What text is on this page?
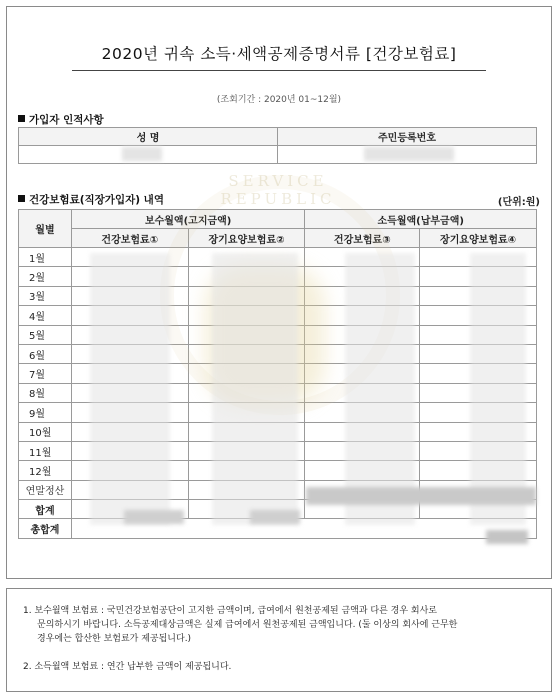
2020년 귀속 소득·세액공제증명서류 [건강보험료]
(조회기간 : 2020년 01~12월)
가입자 인적사항
성 명	주민등록번호

건강보험료(직장가입자) 내역	(단위:원)
월별	보수월액(고지금액)		소득월액(납부금액)	
	건강보험료①	장기요양보험료②	건강보험료③	장기요양보험료④
1월				
2월				
3월				
4월				
5월				
6월				
7월				
8월				
9월				
10월				
11월				
12월				
연말정산				
합계				
총합계				
SERVICE REPUBLIC
1. 보수월액 보험료 : 국민건강보험공단이 고지한 금액이며, 급여에서 원천공제된 금액과 다른 경우 회사로
문의하시기 바랍니다. 소득공제대상금액은 실제 급여에서 원천공제된 금액입니다. (둘 이상의 회사에 근무한
경우에는 합산한 보험료가 제공됩니다.)
2. 소득월액 보험료 : 연간 납부한 금액이 제공됩니다.
